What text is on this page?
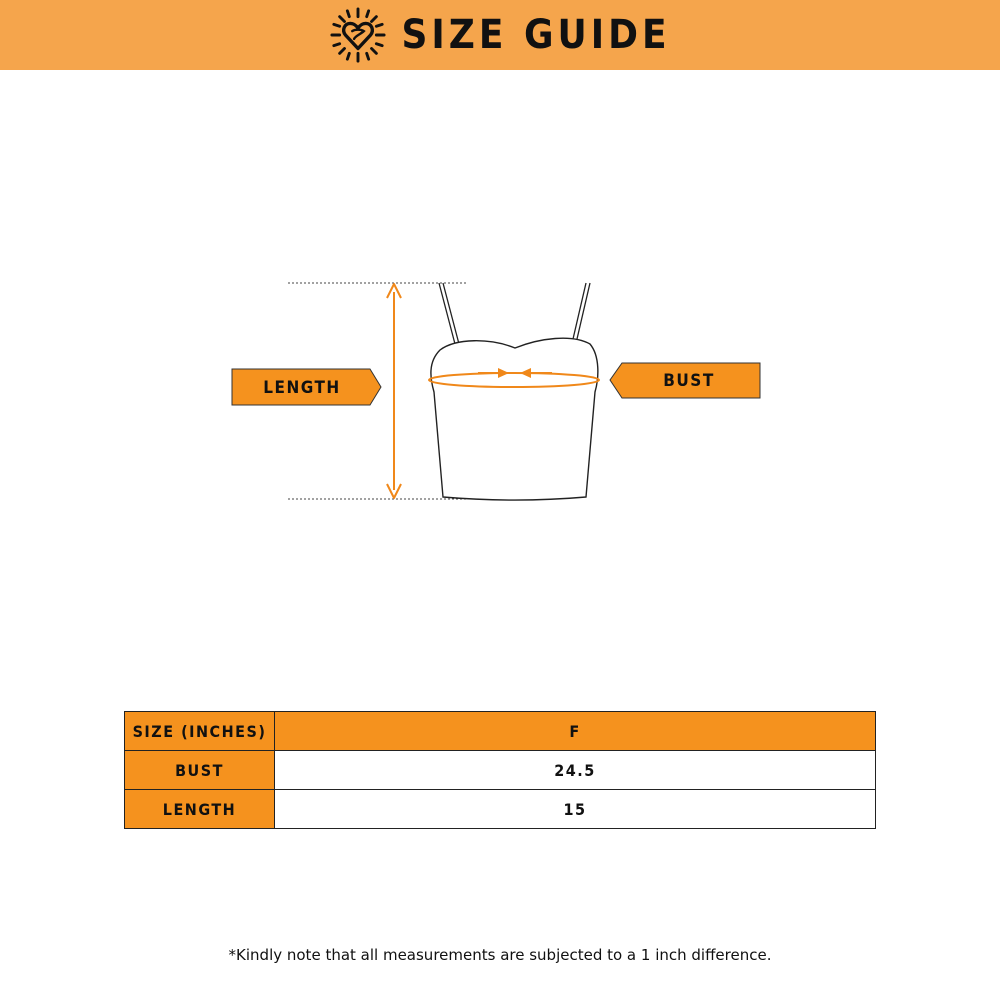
SIZE GUIDE
LENGTH	BUST
SIZE (INCHES)	F
BUST	24.5
LENGTH	15
*Kindly note that all measurements are subjected to a 1 inch difference.
